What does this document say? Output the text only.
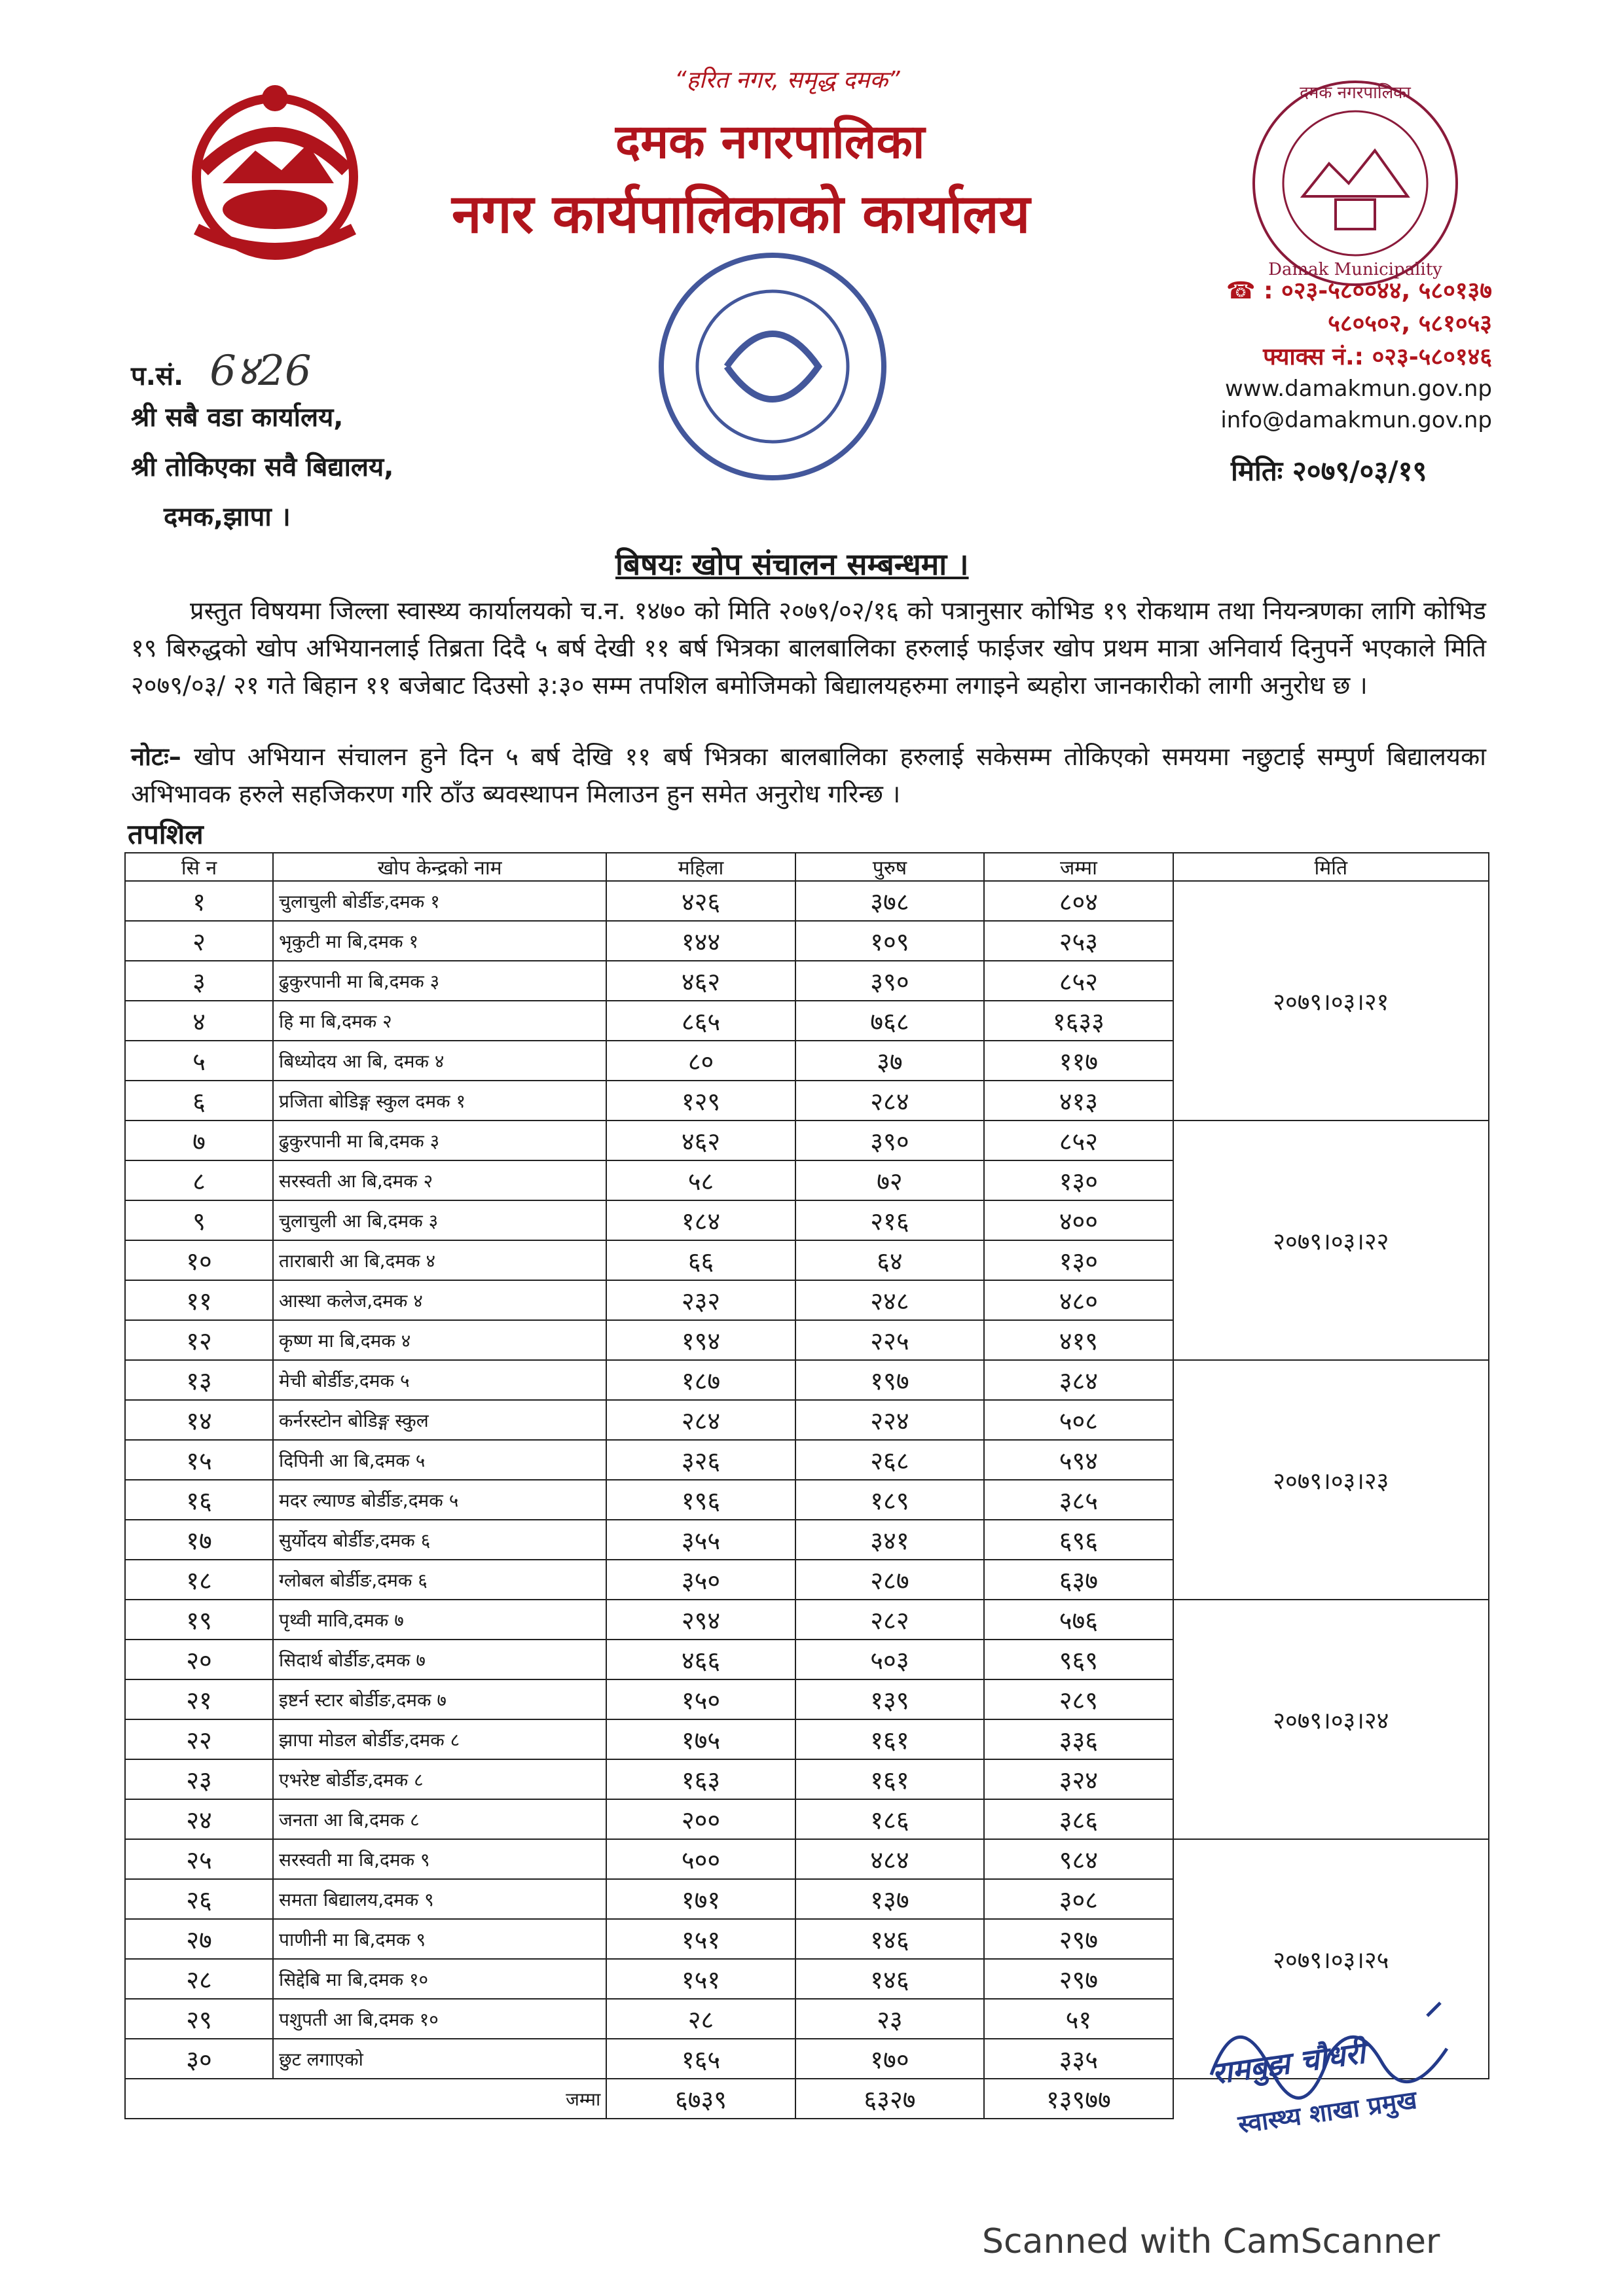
“हरित नगर, समृद्ध दमक”
दमक नगरपालिका
नगर कार्यपालिकाको कार्यालय
दमक नगरपालिका
Damak Municipality
☎ : ०२३-५८००४४, ५८०१३७
५८०५०२, ५८१०५३
फ्याक्स नं.: ०२३-५८०१४६
www.damakmun.gov.np
info@damakmun.gov.np
मितिः २०७९/०३/१९
प.सं. 6४26
श्री सबै वडा कार्यालय,
श्री तोकिएका सवै बिद्यालय,
दमक,झापा ।
बिषयः खोप संचालन सम्बन्धमा ।
प्रस्तुत विषयमा जिल्ला स्वास्थ्य कार्यालयको च.न. १४७० को मिति २०७९/०२/१६ को पत्रानुसार कोभिड १९ रोकथाम तथा नियन्त्रणका लागि कोभिड १९ बिरुद्धको खोप अभियानलाई तिब्रता दिदै ५ बर्ष देखी ११ बर्ष भित्रका बालबालिका हरुलाई फाईजर खोप प्रथम मात्रा अनिवार्य दिनुपर्ने भएकाले मिति २०७९/०३/ २१ गते बिहान ११ बजेबाट दिउसो ३:३० सम्म तपशिल बमोजिमको बिद्यालयहरुमा लगाइने ब्यहोरा जानकारीको लागी अनुरोध छ ।
नोटः– खोप अभियान संचालन हुने दिन ५ बर्ष देखि ११ बर्ष भित्रका बालबालिका हरुलाई सकेसम्म तोकिएको समयमा नछुटाई सम्पुर्ण बिद्यालयका अभिभावक हरुले सहजिकरण गरि ठाँउ ब्यवस्थापन मिलाउन हुन समेत अनुरोध गरिन्छ ।
तपशिल
सि न	खोप केन्द्रको नाम	महिला	पुरुष	जम्मा	मिति
१	चुलाचुली बोर्डीङ,दमक १	४२६	३७८	८०४	२०७९।०३।२१
२	भृकुटी मा बि,दमक १	१४४	१०९	२५३	
३	ढुकुरपानी मा बि,दमक ३	४६२	३९०	८५२	
४	हि मा बि,दमक २	८६५	७६८	१६३३	
५	बिध्योदय आ बि, दमक ४	८०	३७	११७	
६	प्रजिता बोडिङ्ग स्कुल दमक १	१२९	२८४	४१३	
७	ढुकुरपानी मा बि,दमक ३	४६२	३९०	८५२	२०७९।०३।२२
८	सरस्वती आ बि,दमक २	५८	७२	१३०	
९	चुलाचुली आ बि,दमक ३	१८४	२१६	४००	
१०	ताराबारी आ बि,दमक ४	६६	६४	१३०	
११	आस्था कलेज,दमक ४	२३२	२४८	४८०	
१२	कृष्ण मा बि,दमक ४	१९४	२२५	४१९	
१३	मेची बोर्डीङ,दमक ५	१८७	१९७	३८४	२०७९।०३।२३
१४	कर्नरस्टोन बोडिङ्ग स्कुल	२८४	२२४	५०८	
१५	दिपिनी आ बि,दमक ५	३२६	२६८	५९४	
१६	मदर ल्याण्ड बोर्डीङ,दमक ५	१९६	१८९	३८५	
१७	सुर्योदय बोर्डीङ,दमक ६	३५५	३४१	६९६	
१८	ग्लोबल बोर्डीङ,दमक ६	३५०	२८७	६३७	
१९	पृथ्वी मावि,दमक ७	२९४	२८२	५७६	२०७९।०३।२४
२०	सिदार्थ बोर्डीङ,दमक ७	४६६	५०३	९६९	
२१	इष्टर्न स्टार बोर्डीङ,दमक ७	१५०	१३९	२८९	
२२	झापा मोडल बोर्डीङ,दमक ८	१७५	१६१	३३६	
२३	एभरेष्ट बोर्डीङ,दमक ८	१६३	१६१	३२४	
२४	जनता आ बि,दमक ८	२००	१८६	३८६	
२५	सरस्वती मा बि,दमक ९	५००	४८४	९८४	२०७९।०३।२५
२६	समता बिद्यालय,दमक ९	१७१	१३७	३०८	
२७	पाणीनी मा बि,दमक ९	१५१	१४६	२९७	
२८	सिद्देबि मा बि,दमक १०	१५१	१४६	२९७	
२९	पशुपती आ बि,दमक १०	२८	२३	५१	
३०	छुट लगाएको	१६५	१७०	३३५	
जम्मा		६७३९	६३२७	१३९७७	
रामबुझ चौधरी
स्वास्थ्य शाखा प्रमुख
Scanned with CamScanner
